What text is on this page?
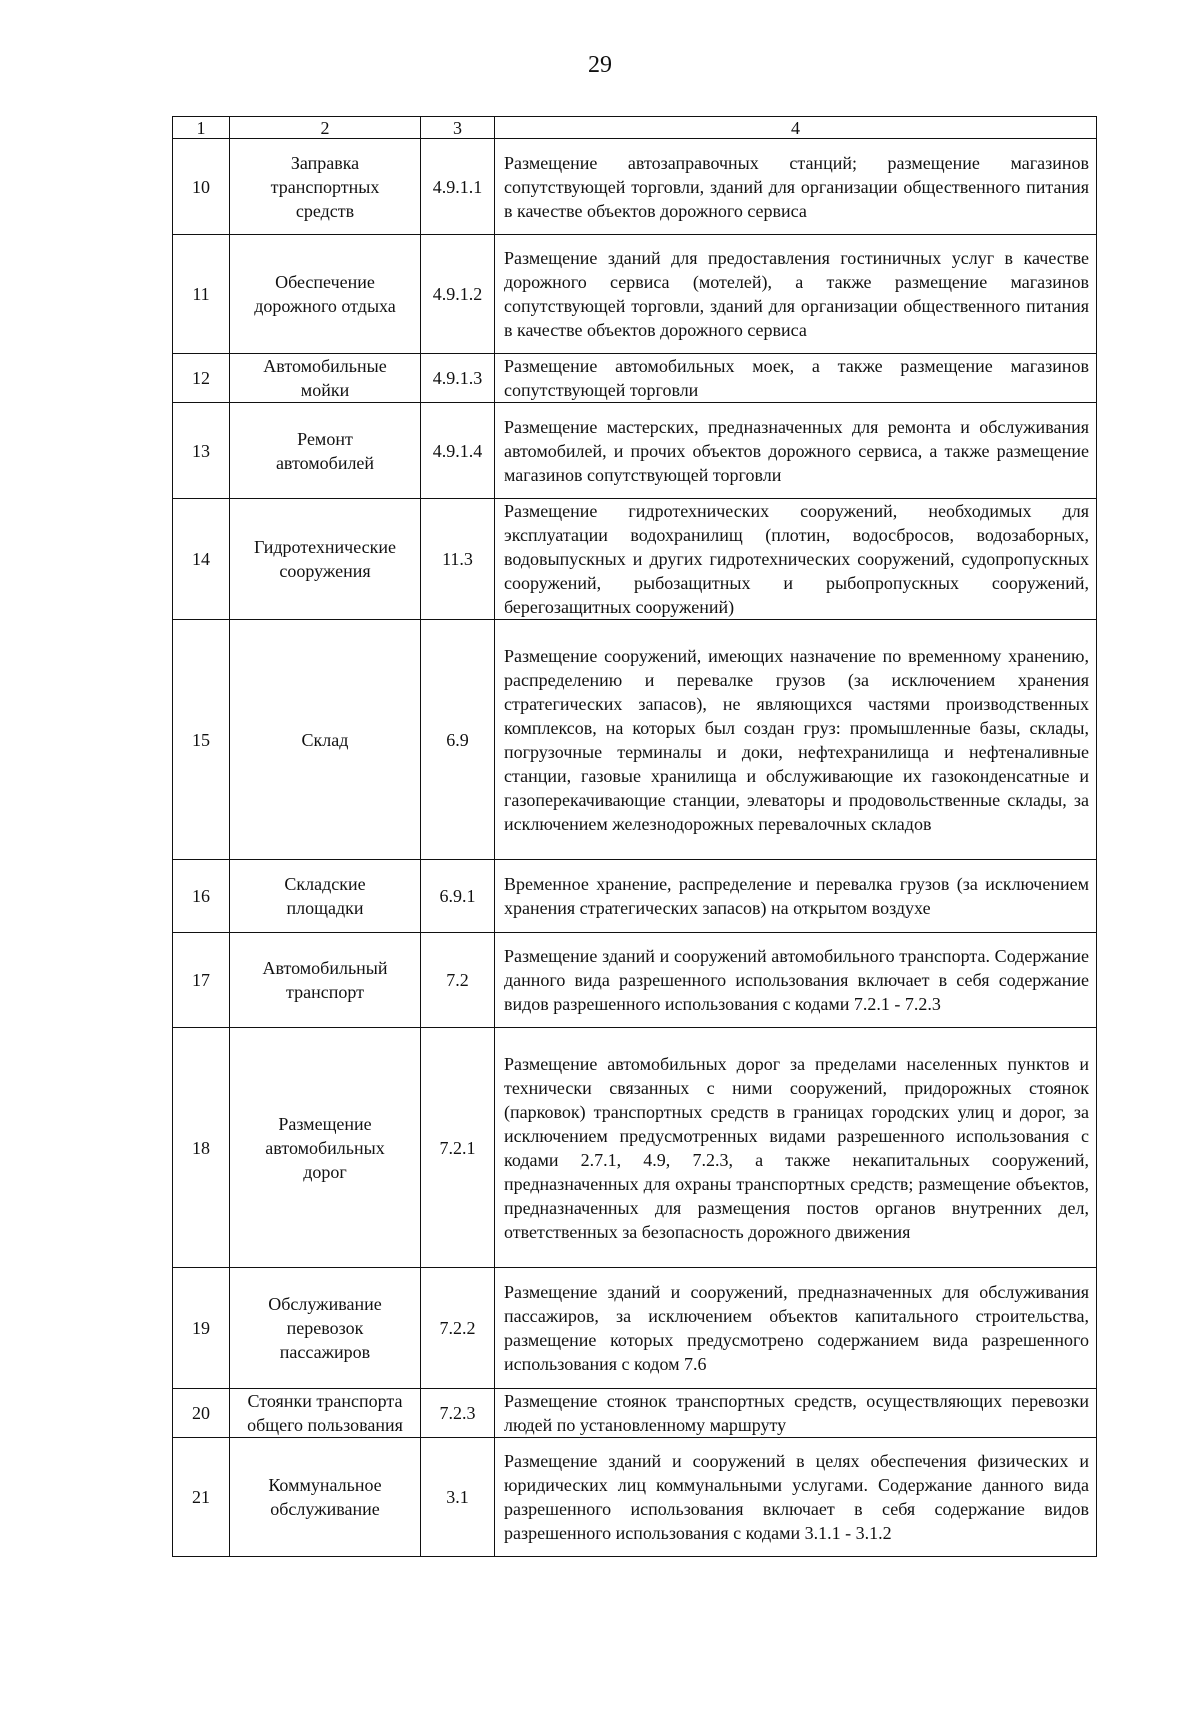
29
1	2	3	4
10	Заправка транспортных средств	4.9.1.1	Размещение автозаправочных станций; размещение магазинов сопутствующей торговли, зданий для организации общественного питания в качестве объектов дорожного сервиса
11	Обеспечение дорожного отдыха	4.9.1.2	Размещение зданий для предоставления гостиничных услуг в качестве дорожного сервиса (мотелей), а также размещение магазинов сопутствующей торговли, зданий для организации общественного питания в качестве объектов дорожного сервиса
12	Автомобильные мойки	4.9.1.3	Размещение автомобильных моек, а также размещение магазинов сопутствующей торговли
13	Ремонт автомобилей	4.9.1.4	Размещение мастерских, предназначенных для ремонта и обслуживания автомобилей, и прочих объектов дорожного сервиса, а также размещение магазинов сопутствующей торговли
14	Гидротехнические сооружения	11.3	Размещение гидротехнических сооружений, необходимых для эксплуатации водохранилищ (плотин, водосбросов, водозаборных, водовыпускных и других гидротехнических сооружений, судопропускных сооружений, рыбозащитных и рыбопропускных сооружений, берегозащитных сооружений)
15	Склад	6.9	Размещение сооружений, имеющих назначение по временному хранению, распределению и перевалке грузов (за исключением хранения стратегических запасов), не являющихся частями производственных комплексов, на которых был создан груз: промышленные базы, склады, погрузочные терминалы и доки, нефтехранилища и нефтеналивные станции, газовые хранилища и обслуживающие их газоконденсатные и газоперекачивающие станции, элеваторы и продовольственные склады, за исключением железнодорожных перевалочных складов
16	Складские площадки	6.9.1	Временное хранение, распределение и перевалка грузов (за исключением хранения стратегических запасов) на открытом воздухе
17	Автомобильный транспорт	7.2	Размещение зданий и сооружений автомобильного транспорта. Содержание данного вида разрешенного использования включает в себя содержание видов разрешенного использования с кодами 7.2.1 - 7.2.3
18	Размещение автомобильных дорог	7.2.1	Размещение автомобильных дорог за пределами населенных пунктов и технически связанных с ними сооружений, придорожных стоянок (парковок) транспортных средств в границах городских улиц и дорог, за исключением предусмотренных видами разрешенного использования с кодами 2.7.1, 4.9, 7.2.3, а также некапитальных сооружений, предназначенных для охраны транспортных средств; размещение объектов, предназначенных для размещения постов органов внутренних дел, ответственных за безопасность дорожного движения
19	Обслуживание перевозок пассажиров	7.2.2	Размещение зданий и сооружений, предназначенных для обслуживания пассажиров, за исключением объектов капитального строительства, размещение которых предусмотрено содержанием вида разрешенного использования с кодом 7.6
20	Стоянки транспорта общего пользования	7.2.3	Размещение стоянок транспортных средств, осуществляющих перевозки людей по установленному маршруту
21	Коммунальное обслуживание	3.1	Размещение зданий и сооружений в целях обеспечения физических и юридических лиц коммунальными услугами. Содержание данного вида разрешенного использования включает в себя содержание видов разрешенного использования с кодами 3.1.1 - 3.1.2
